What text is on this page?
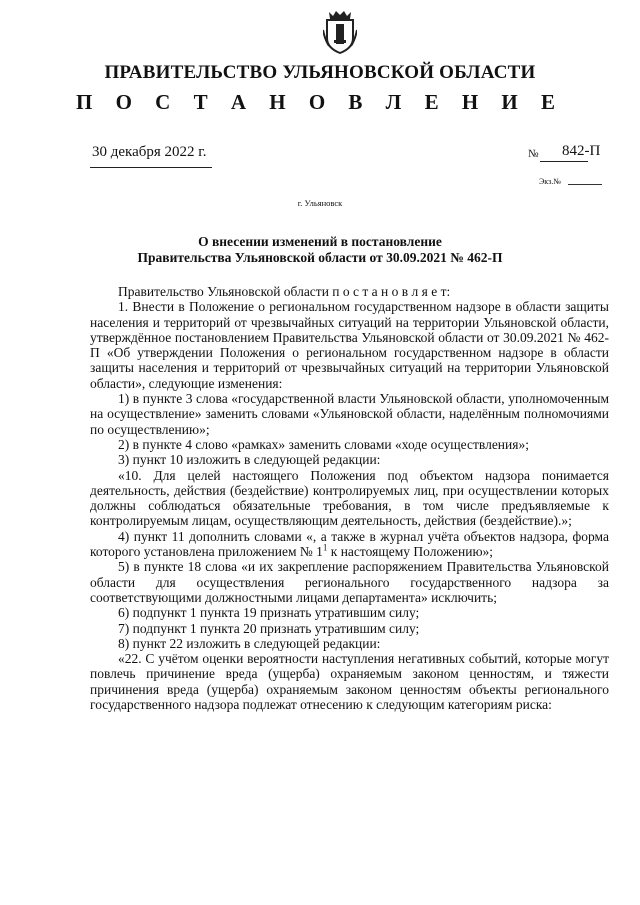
ПРАВИТЕЛЬСТВО УЛЬЯНОВСКОЙ ОБЛАСТИ
П О С Т А Н О В Л Е Н И Е
30 декабря 2022 г.	№ 842-П
Экз.№
г. Ульяновск
О внесении изменений в постановление
Правительства Ульяновской области от 30.09.2021 № 462-П

Правительство Ульяновской области п о с т а н о в л я е т:

1. Внести в Положение о региональном государственном надзоре в области защиты населения и территорий от чрезвычайных ситуаций на территории Ульяновской области, утверждённое постановлением Правительства Ульяновской области от 30.09.2021 № 462-П «Об утверждении Положения о региональном государственном надзоре в области защиты населения и территорий от чрезвычайных ситуаций на территории Ульяновской области», следующие изменения:

1) в пункте 3 слова «государственной власти Ульяновской области, уполномоченным на осуществление» заменить словами «Ульяновской области, наделённым полномочиями по осуществлению»;

2) в пункте 4 слово «рамках» заменить словами «ходе осуществления»;

3) пункт 10 изложить в следующей редакции:

«10. Для целей настоящего Положения под объектом надзора понимается деятельность, действия (бездействие) контролируемых лиц, при осуществлении которых должны соблюдаться обязательные требования, в том числе предъявляемые к контролируемым лицам, осуществляющим деятельность, действия (бездействие).»;

4) пункт 11 дополнить словами «, а также в журнал учёта объектов надзора, форма которого установлена приложением № $1^1$ к настоящему Положению»;

5) в пункте 18 слова «и их закрепление распоряжением Правительства Ульяновской области для осуществления регионального государственного надзора за соответствующими должностными лицами департамента» исключить;

6) подпункт 1 пункта 19 признать утратившим силу;

7) подпункт 1 пункта 20 признать утратившим силу;

8) пункт 22 изложить в следующей редакции:

«22. С учётом оценки вероятности наступления негативных событий, которые могут повлечь причинение вреда (ущерба) охраняемым законом ценностям, и тяжести причинения вреда (ущерба) охраняемым законом ценностям объекты регионального государственного надзора подлежат отнесению к следующим категориям риска:
